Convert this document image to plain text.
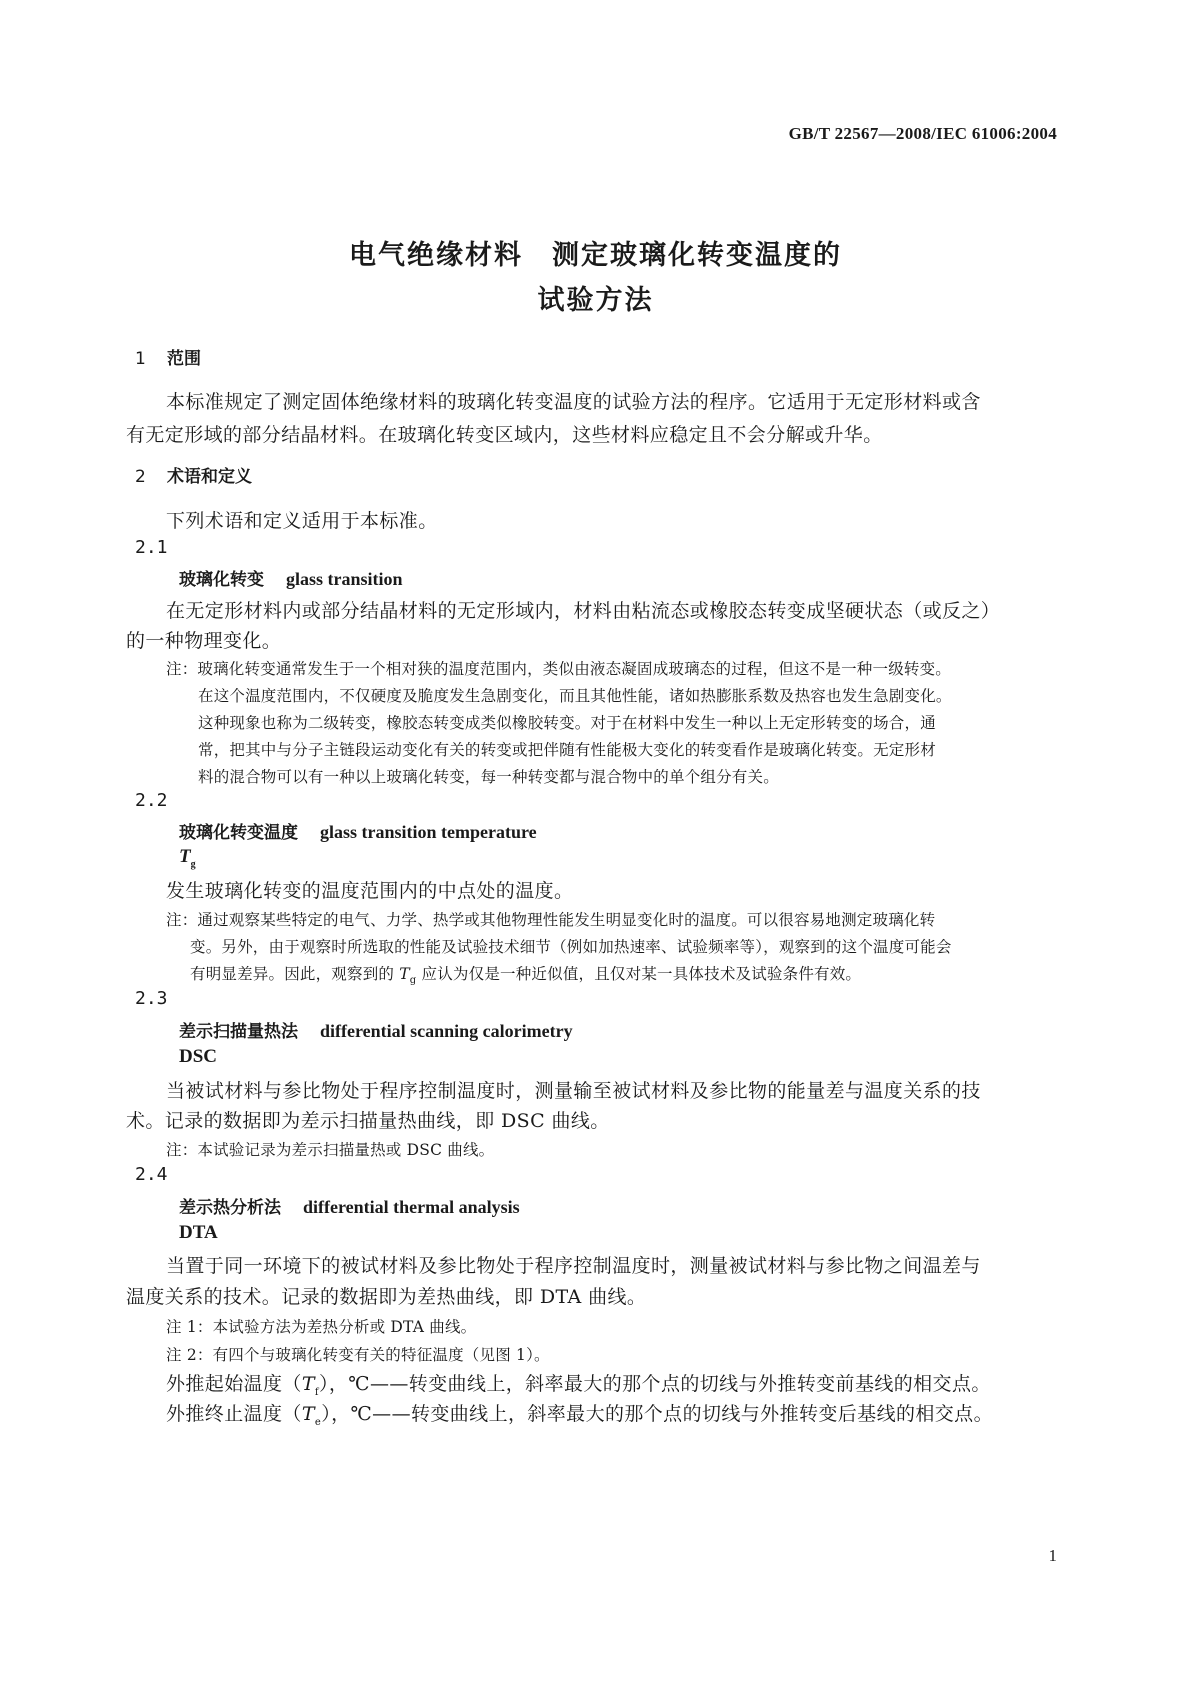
GB/T 22567—2008/IEC 61006:2004
电气绝缘材料　测定玻璃化转变温度的
试验方法
1 范围
本标准规定了测定固体绝缘材料的玻璃化转变温度的试验方法的程序。它适用于无定形材料或含
有无定形域的部分结晶材料。在玻璃化转变区域内，这些材料应稳定且不会分解或升华。
2 术语和定义
下列术语和定义适用于本标准。
2.1
玻璃化转变 glass transition
在无定形材料内或部分结晶材料的无定形域内，材料由粘流态或橡胶态转变成坚硬状态（或反之）
的一种物理变化。
注：玻璃化转变通常发生于一个相对狭的温度范围内，类似由液态凝固成玻璃态的过程，但这不是一种一级转变。
在这个温度范围内，不仅硬度及脆度发生急剧变化，而且其他性能，诸如热膨胀系数及热容也发生急剧变化。
这种现象也称为二级转变，橡胶态转变成类似橡胶转变。对于在材料中发生一种以上无定形转变的场合，通
常，把其中与分子主链段运动变化有关的转变或把伴随有性能极大变化的转变看作是玻璃化转变。无定形材
料的混合物可以有一种以上玻璃化转变，每一种转变都与混合物中的单个组分有关。
2.2
玻璃化转变温度 glass transition temperature
$T_g$
发生玻璃化转变的温度范围内的中点处的温度。
注：通过观察某些特定的电气、力学、热学或其他物理性能发生明显变化时的温度。可以很容易地测定玻璃化转
变。另外，由于观察时所选取的性能及试验技术细节（例如加热速率、试验频率等），观察到的这个温度可能会
有明显差异。因此，观察到的 $T_g$ 应认为仅是一种近似值，且仅对某一具体技术及试验条件有效。
2.3
差示扫描量热法 differential scanning calorimetry
DSC
当被试材料与参比物处于程序控制温度时，测量输至被试材料及参比物的能量差与温度关系的技
术。记录的数据即为差示扫描量热曲线，即 DSC 曲线。
注：本试验记录为差示扫描量热或 DSC 曲线。
2.4
差示热分析法 differential thermal analysis
DTA
当置于同一环境下的被试材料及参比物处于程序控制温度时，测量被试材料与参比物之间温差与
温度关系的技术。记录的数据即为差热曲线，即 DTA 曲线。
注 1：本试验方法为差热分析或 DTA 曲线。
注 2：有四个与玻璃化转变有关的特征温度（见图 1）。
外推起始温度$(T_f)$，℃——转变曲线上，斜率最大的那个点的切线与外推转变前基线的相交点。
外推终止温度$(T_e)$，℃——转变曲线上，斜率最大的那个点的切线与外推转变后基线的相交点。
1
